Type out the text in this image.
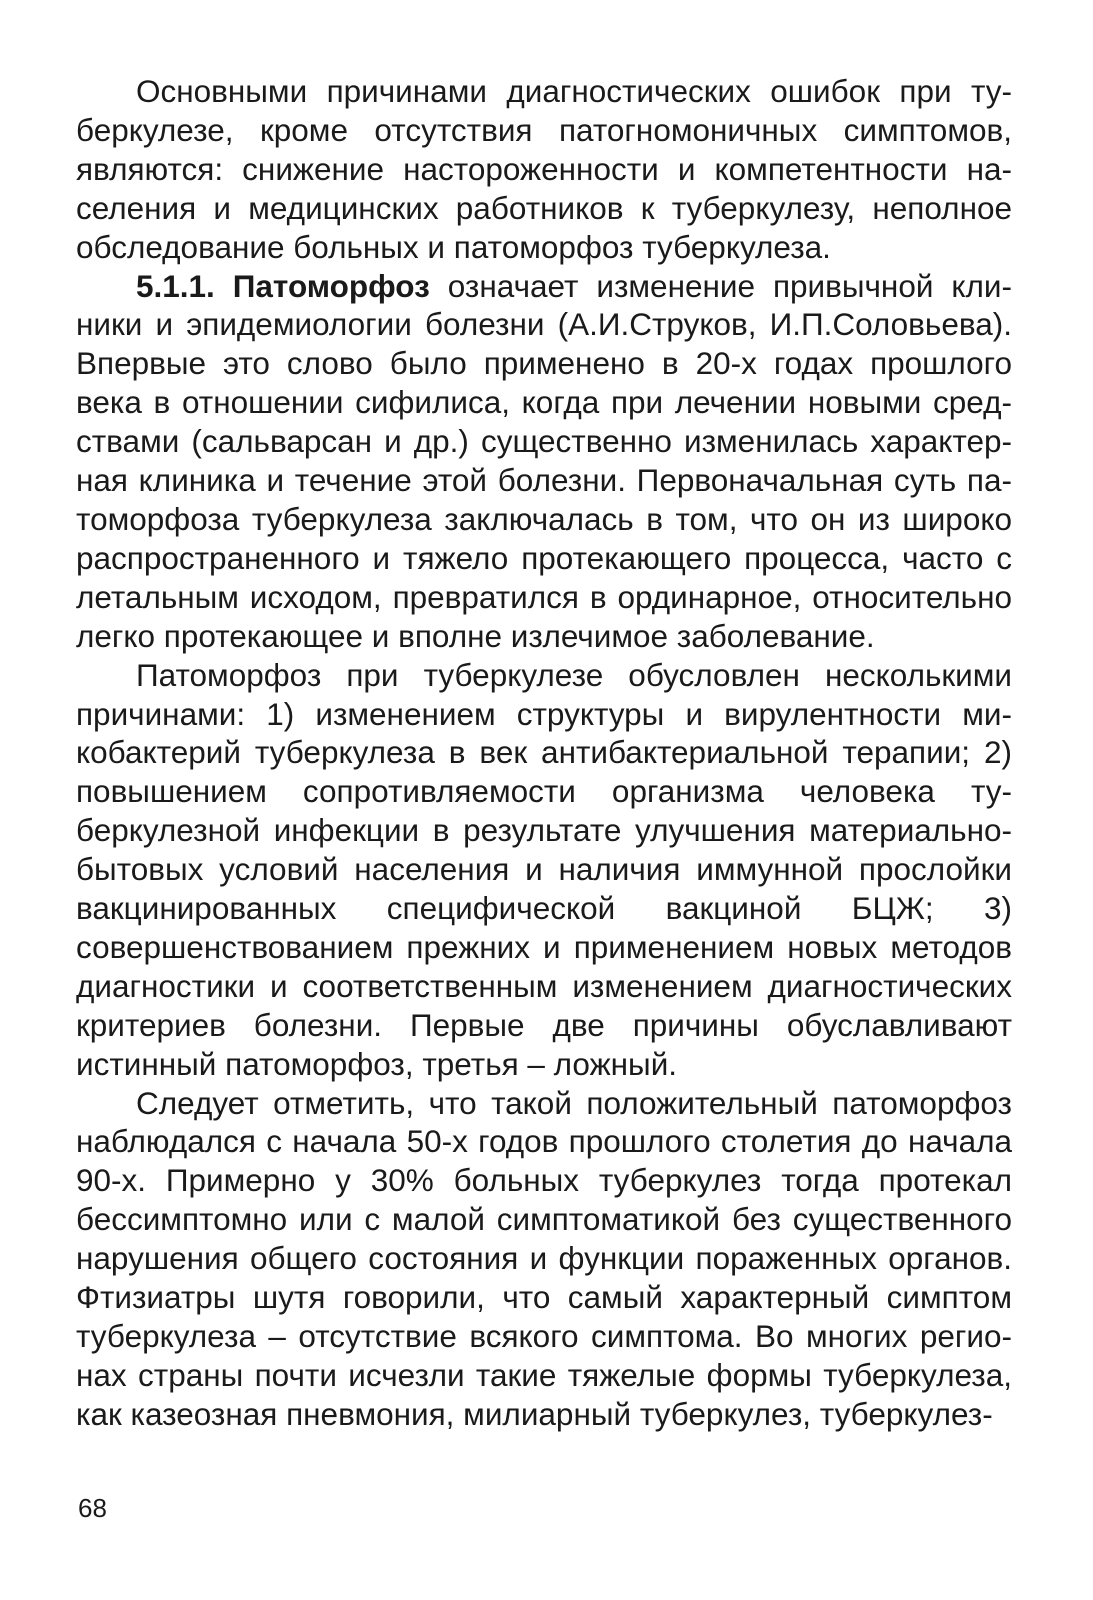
Основными причинами диагностических ошибок при туберкулезе, кроме отсутствия патогномоничных симптомов, являются: снижение настороженности и компетентности населения и медицинских работников к туберкулезу, неполное обследование больных и патоморфоз туберкулеза.

5.1.1. Патоморфоз означает изменение привычной клиники и эпидемиологии болезни (А.И.Струков, И.П.Соловьева). Впервые это слово было применено в 20-х годах прошлого века в отношении сифилиса, когда при лечении новыми средствами (сальварсан и др.) существенно изменилась характерная клиника и течение этой болезни. Первоначальная суть патоморфоза туберкулеза заключалась в том, что он из широко распространенного и тяжело протекающего процесса, часто с летальным исходом, превратился в ординарное, относительно легко протекающее и вполне излечимое заболевание.

Патоморфоз при туберкулезе обусловлен несколькими причинами: 1) изменением структуры и вирулентности микобактерий туберкулеза в век антибактериальной терапии; 2) повышением сопротивляемости организма человека туберкулезной инфекции в результате улучшения материально-бытовых условий населения и наличия иммунной прослойки вакцинированных специфической вакциной БЦЖ; 3) совершенствованием прежних и применением новых методов диагностики и соответственным изменением диагностических критериев болезни. Первые две причины обуславливают истинный патоморфоз, третья – ложный.

Следует отметить, что такой положительный патоморфоз наблюдался с начала 50-х годов прошлого столетия до начала 90-х. Примерно у 30% больных туберкулез тогда протекал бессимптомно или с малой симптоматикой без существенного нарушения общего состояния и функции пораженных органов. Фтизиатры шутя говорили, что самый характерный симптом туберкулеза – отсутствие всякого симптома. Во многих регионах страны почти исчезли такие тяжелые формы туберкулеза, как казеозная пневмония, милиарный туберкулез, туберкулез-

68
